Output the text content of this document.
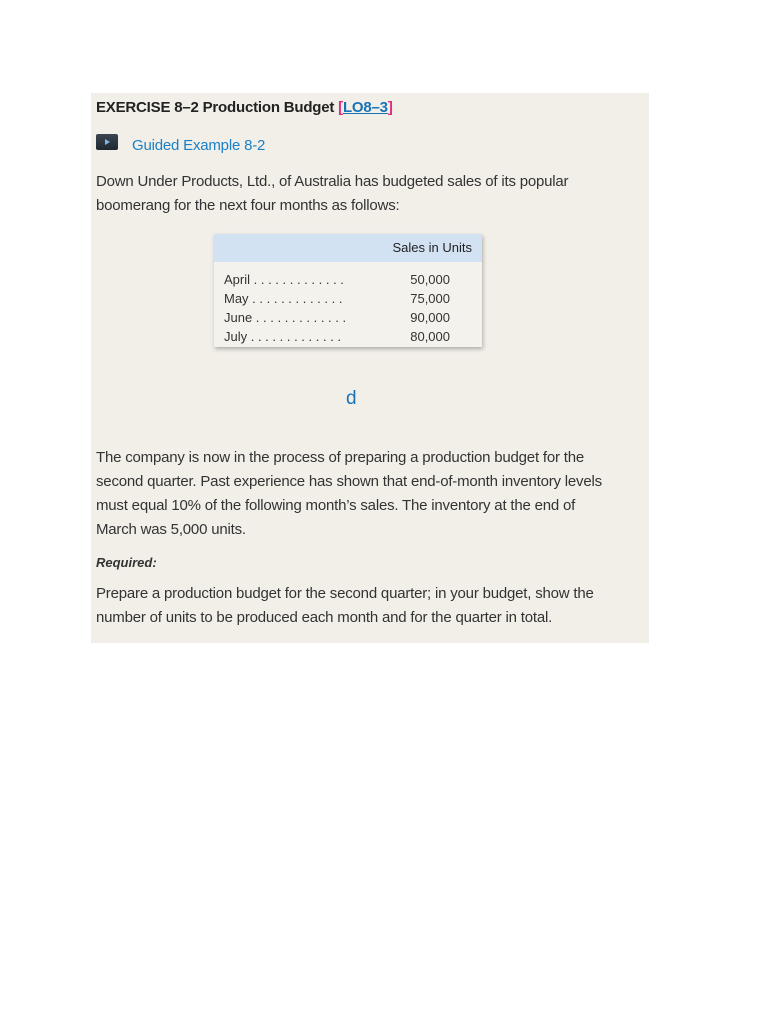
EXERCISE 8–2 Production Budget [LO8–3]
Guided Example 8-2

Down Under Products, Ltd., of Australia has budgeted sales of its popular boomerang for the next four months as follows:

Sales in Units
April . . . . . . . . . . . . .	50,000
May . . . . . . . . . . . . .	75,000
June . . . . . . . . . . . . .	90,000
July . . . . . . . . . . . . .	80,000
d

The company is now in the process of preparing a production budget for the second quarter. Past experience has shown that end-of-month inventory levels must equal 10% of the following month’s sales. The inventory at the end of March was 5,000 units.

Required:

Prepare a production budget for the second quarter; in your budget, show the number of units to be produced each month and for the quarter in total.
